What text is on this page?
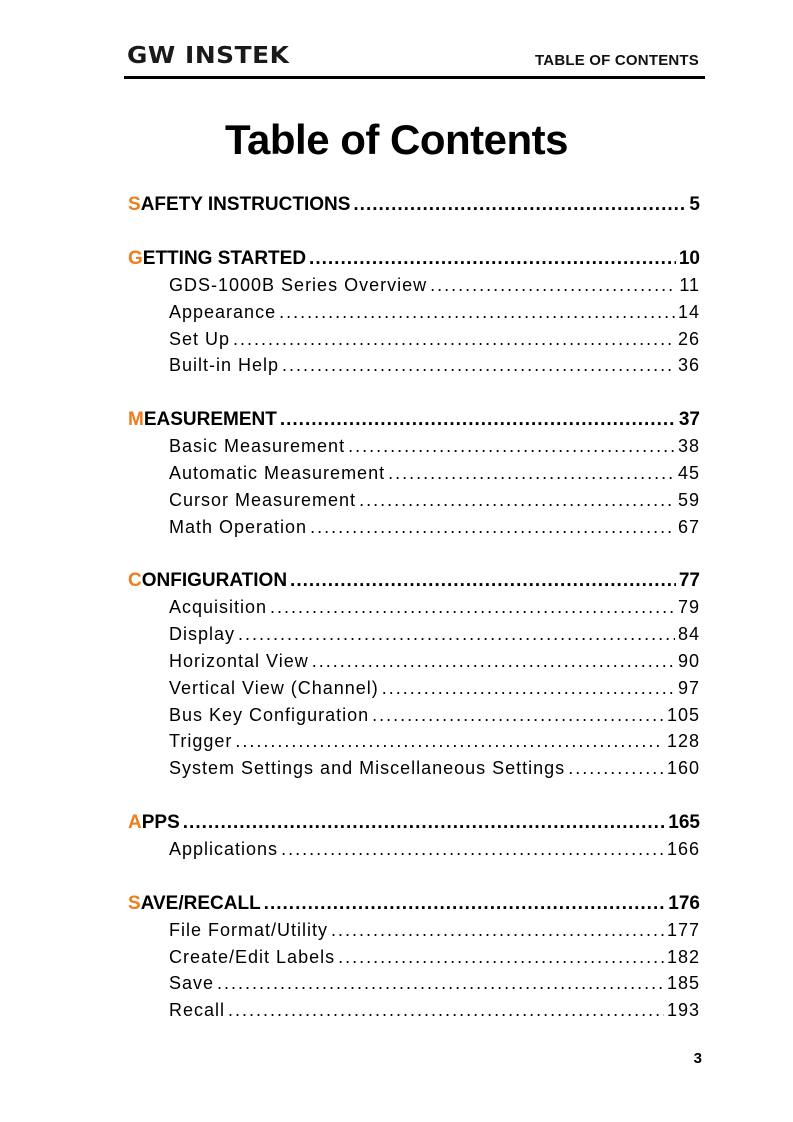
GW INSTEK	TABLE OF CONTENTS
Table of Contents
SAFETY INSTRUCTIONS .....	5
GETTING STARTED .....	10
GDS-1000B Series Overview .....	11
Appearance .....	14
Set Up .....	26
Built-in Help .....	36
MEASUREMENT .....	37
Basic Measurement .....	38
Automatic Measurement .....	45
Cursor Measurement .....	59
Math Operation .....	67
CONFIGURATION .....	77
Acquisition .....	79
Display .....	84
Horizontal View .....	90
Vertical View (Channel) .....	97
Bus Key Configuration .....	105
Trigger .....	128
System Settings and Miscellaneous Settings .....	160
APPS .....	165
Applications .....	166
SAVE/RECALL .....	176
File Format/Utility .....	177
Create/Edit Labels .....	182
Save .....	185
Recall .....	193
3
